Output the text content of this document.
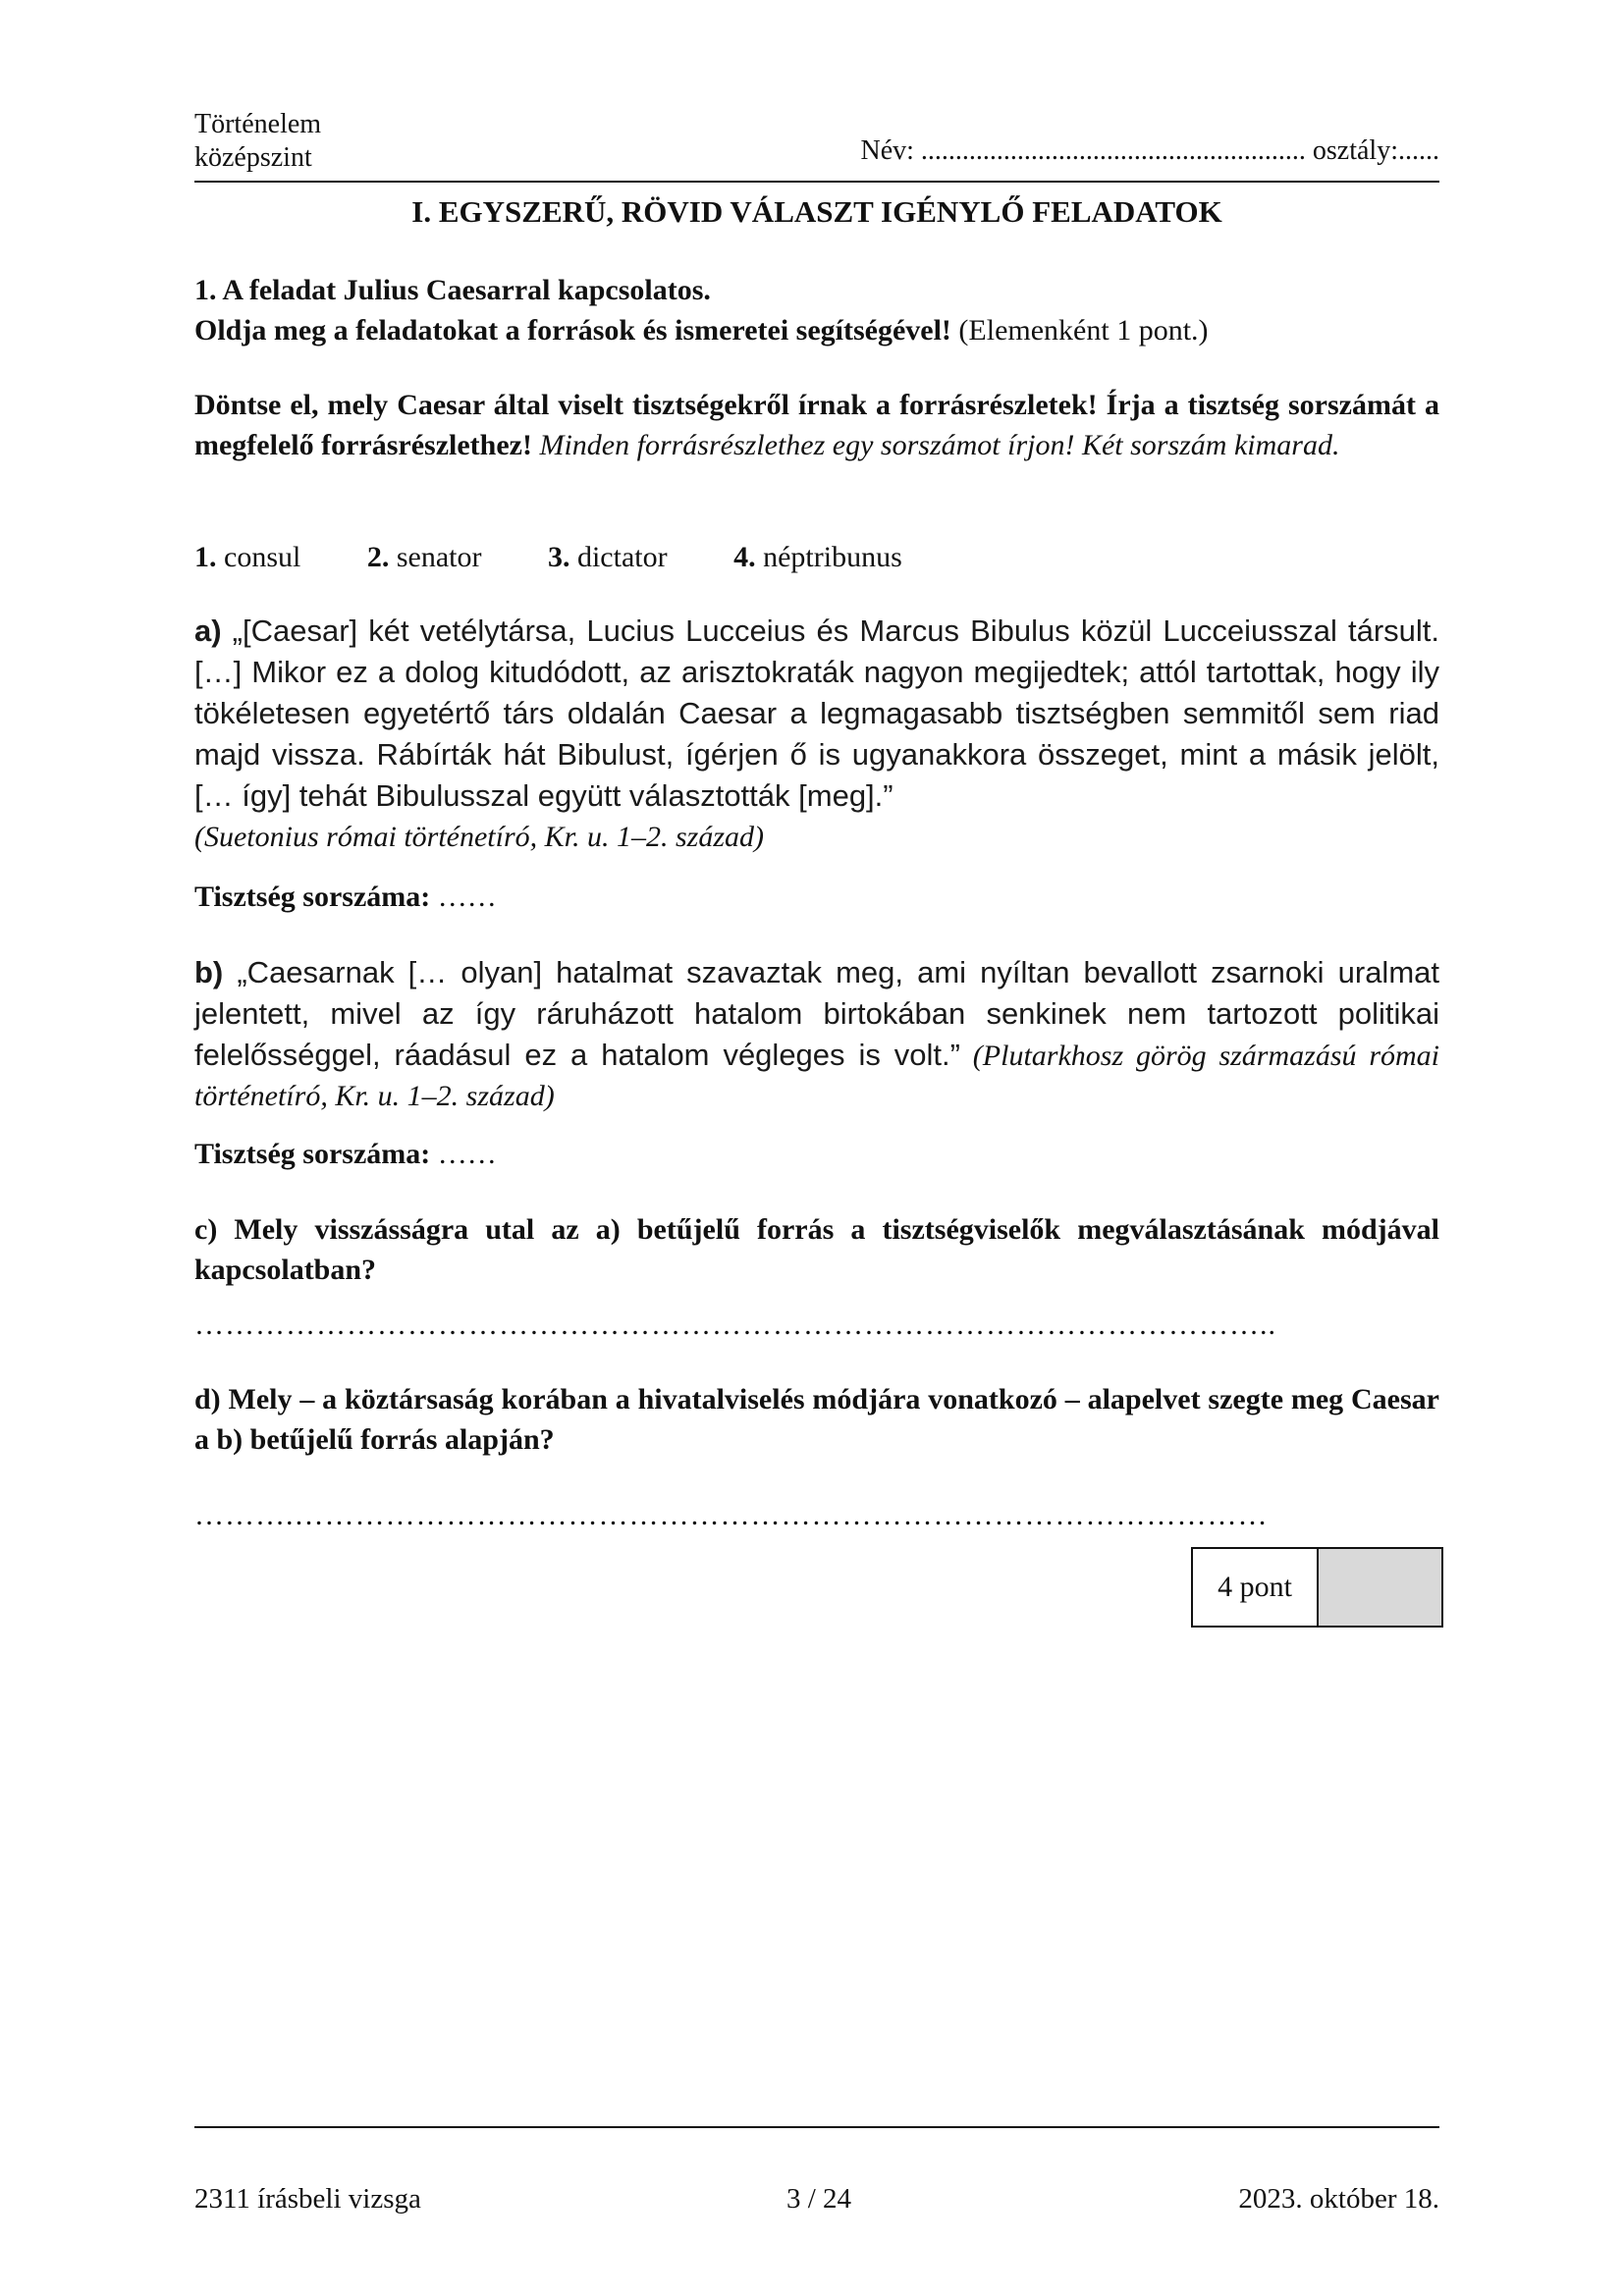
Történelem
középszint	Név: ........................................................ osztály:......
I. EGYSZERŰ, RÖVID VÁLASZT IGÉNYLŐ FELADATOK
1. A feladat Julius Caesarral kapcsolatos.
Oldja meg a feladatokat a források és ismeretei segítségével! (Elemenként 1 pont.)
Döntse el, mely Caesar által viselt tisztségekről írnak a forrásrészletek! Írja a tisztség sorszámát a megfelelő forrásrészlethez! Minden forrásrészlethez egy sorszámot írjon! Két sorszám kimarad.
1. consul 2. senator 3. dictator 4. néptribunus
a) „[Caesar] két vetélytársa, Lucius Lucceius és Marcus Bibulus közül Lucceiusszal társult. […] Mikor ez a dolog kitudódott, az arisztokraták nagyon megijedtek; attól tartottak, hogy ily tökéletesen egyetértő társ oldalán Caesar a legmagasabb tisztségben semmitől sem riad majd vissza. Rábírták hát Bibulust, ígérjen ő is ugyanakkora összeget, mint a másik jelölt, [… így] tehát Bibulusszal együtt választották [meg].”
(Suetonius római történetíró, Kr. u. 1–2. század)
Tisztség sorszáma: ……
b) „Caesarnak [… olyan] hatalmat szavaztak meg, ami nyíltan bevallott zsarnoki uralmat jelentett, mivel az így ráruházott hatalom birtokában senkinek nem tartozott politikai felelősséggel, ráadásul ez a hatalom végleges is volt.” (Plutarkhosz görög származású római történetíró, Kr. u. 1–2. század)
Tisztség sorszáma: ……
c) Mely visszásságra utal az a) betűjelű forrás a tisztségviselők megválasztásának módjával kapcsolatban?
……………………………………………………………………………………………..
d) Mely – a köztársaság korában a hivatalviselés módjára vonatkozó – alapelvet szegte meg Caesar a b) betűjelű forrás alapján?
……….……………………………………………………………………………………
4 pont
2311 írásbeli vizsga	3 / 24	2023. október 18.
